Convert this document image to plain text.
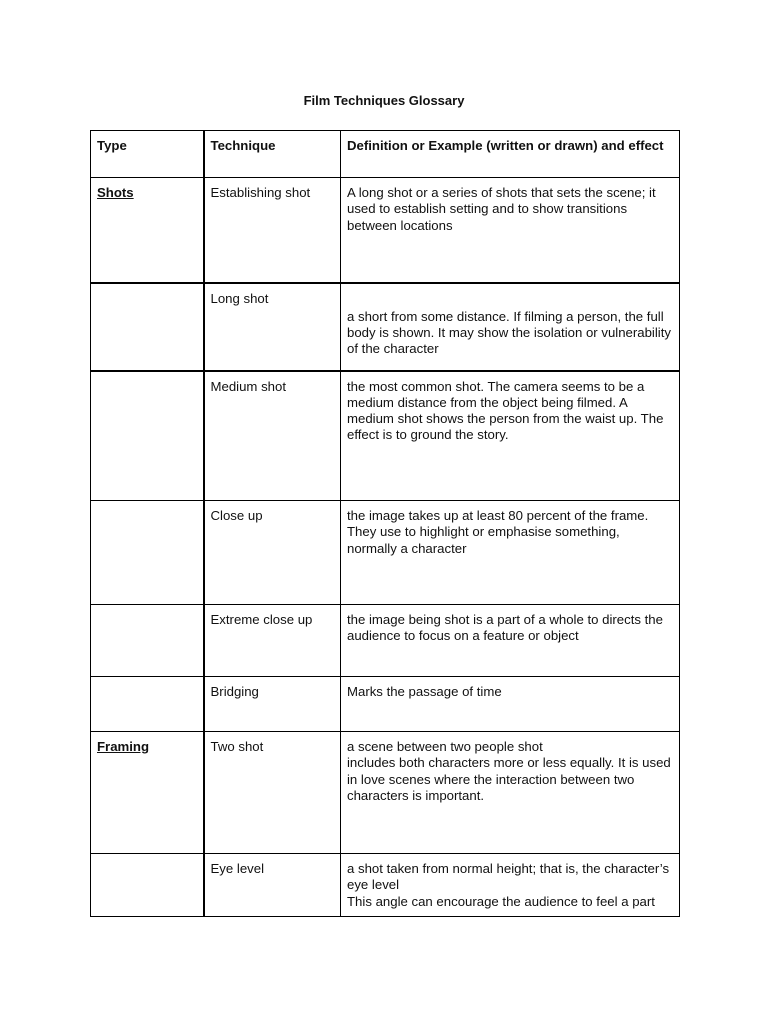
Film Techniques Glossary
Type	Technique	Definition or Example (written or drawn) and effect
Shots	Establishing shot	A long shot or a series of shots that sets the scene; it used to establish setting and to show transitions between locations
	Long shot	a short from some distance. If filming a person, the full body is shown. It may show the isolation or vulnerability of the character
	Medium shot	the most common shot. The camera seems to be a medium distance from the object being filmed. A medium shot shows the person from the waist up. The effect is to ground the story.
	Close up	the image takes up at least 80 percent of the frame. They use to highlight or emphasise something, normally a character
	Extreme close up	the image being shot is a part of a whole to directs the audience to focus on a feature or object
	Bridging	Marks the passage of time
Framing	Two shot	a scene between two people shot
includes both characters more or less equally. It is used in love scenes where the interaction between two characters is important.
	Eye level	a shot taken from normal height; that is, the character’s eye level
This angle can encourage the audience to feel a part
